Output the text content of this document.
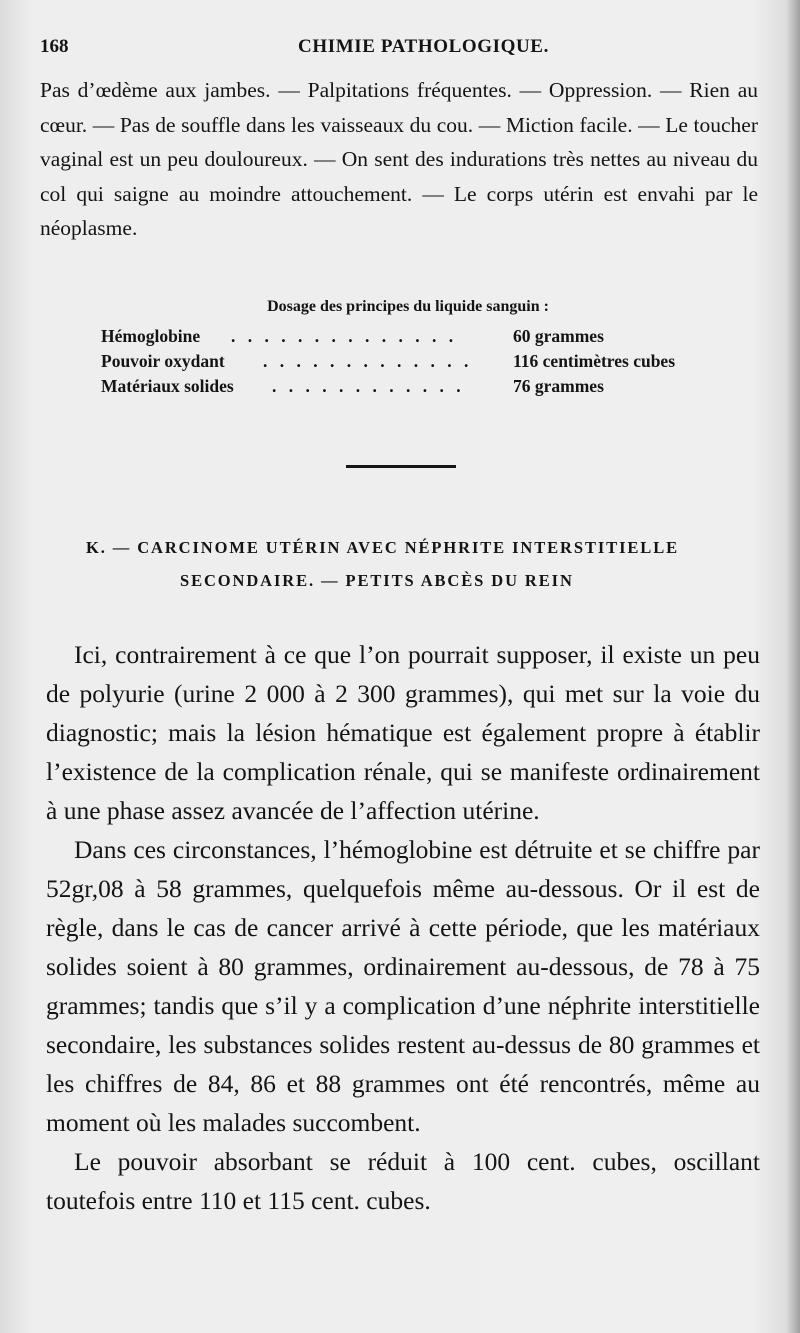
168	CHIMIE PATHOLOGIQUE.

Pas d’œdème aux jambes. — Palpitations fréquentes. — Oppression. — Rien au cœur. — Pas de souffle dans les vaisseaux du cou. — Miction facile. — Le toucher vaginal est un peu douloureux. — On sent des indurations très nettes au niveau du col qui saigne au moindre attouchement. — Le corps utérin est envahi par le néoplasme.

Dosage des principes du liquide sanguin :
Hémoglobine . . . . . . . . . . . . . .	60 grammes
Pouvoir oxydant . . . . . . . . . . . . . 116 centimètres cubes
Matériaux solides . . . . . . . . . . . .	76 grammes
K. — CARCINOME UTÉRIN AVEC NÉPHRITE INTERSTITIELLE
SECONDAIRE. — PETITS ABCÈS DU REIN

Ici, contrairement à ce que l’on pourrait supposer, il existe un peu de polyurie (urine 2 000 à 2 300 grammes), qui met sur la voie du diagnostic; mais la lésion hématique est également propre à établir l’existence de la complication rénale, qui se manifeste ordinairement à une phase assez avancée de l’affection utérine.

Dans ces circonstances, l’hémoglobine est détruite et se chiffre par 52gr,08 à 58 grammes, quelquefois même au-dessous. Or il est de règle, dans le cas de cancer arrivé à cette période, que les matériaux solides soient à 80 grammes, ordinairement au-dessous, de 78 à 75 grammes; tandis que s’il y a complication d’une néphrite interstitielle secondaire, les substances solides restent au-dessus de 80 grammes et les chiffres de 84, 86 et 88 grammes ont été rencontrés, même au moment où les malades succombent.

Le pouvoir absorbant se réduit à 100 cent. cubes, oscillant toutefois entre 110 et 115 cent. cubes.
